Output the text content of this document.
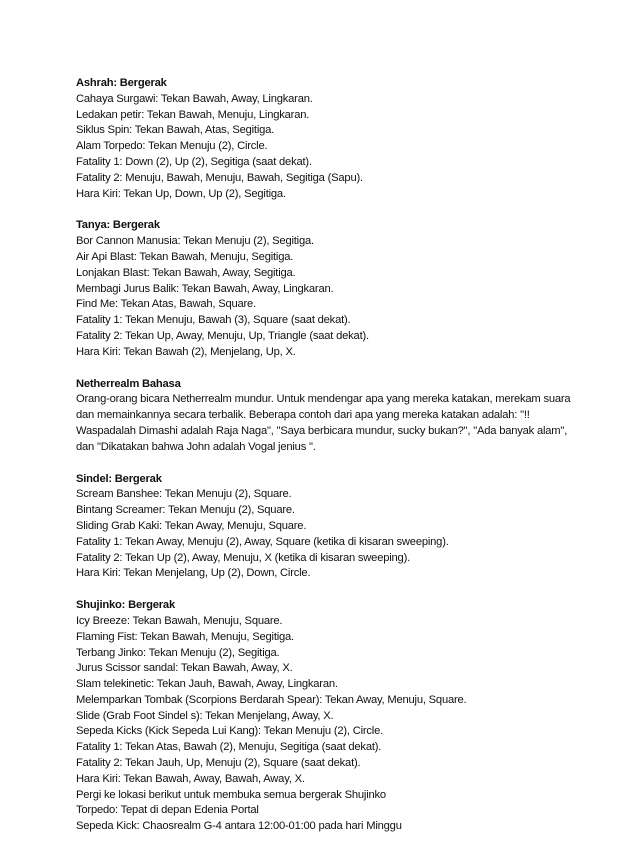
Ashrah: Bergerak

Cahaya Surgawi: Tekan Bawah, Away, Lingkaran.

Ledakan petir: Tekan Bawah, Menuju, Lingkaran.

Siklus Spin: Tekan Bawah, Atas, Segitiga.

Alam Torpedo: Tekan Menuju (2), Circle.

Fatality 1: Down (2), Up (2), Segitiga (saat dekat).

Fatality 2: Menuju, Bawah, Menuju, Bawah, Segitiga (Sapu).

Hara Kiri: Tekan Up, Down, Up (2), Segitiga.

Tanya: Bergerak

Bor Cannon Manusia: Tekan Menuju (2), Segitiga.

Air Api Blast: Tekan Bawah, Menuju, Segitiga.

Lonjakan Blast: Tekan Bawah, Away, Segitiga.

Membagi Jurus Balik: Tekan Bawah, Away, Lingkaran.

Find Me: Tekan Atas, Bawah, Square.

Fatality 1: Tekan Menuju, Bawah (3), Square (saat dekat).

Fatality 2: Tekan Up, Away, Menuju, Up, Triangle (saat dekat).

Hara Kiri: Tekan Bawah (2), Menjelang, Up, X.

Netherrealm Bahasa

Orang-orang bicara Netherrealm mundur. Untuk mendengar apa yang mereka katakan, merekam suara

dan memainkannya secara terbalik. Beberapa contoh dari apa yang mereka katakan adalah: "!!

Waspadalah Dimashi adalah Raja Naga", "Saya berbicara mundur, sucky bukan?", "Ada banyak alam",

dan "Dikatakan bahwa John adalah Vogal jenius ".

Sindel: Bergerak

Scream Banshee: Tekan Menuju (2), Square.

Bintang Screamer: Tekan Menuju (2), Square.

Sliding Grab Kaki: Tekan Away, Menuju, Square.

Fatality 1: Tekan Away, Menuju (2), Away, Square (ketika di kisaran sweeping).

Fatality 2: Tekan Up (2), Away, Menuju, X (ketika di kisaran sweeping).

Hara Kiri: Tekan Menjelang, Up (2), Down, Circle.

Shujinko: Bergerak

Icy Breeze: Tekan Bawah, Menuju, Square.

Flaming Fist: Tekan Bawah, Menuju, Segitiga.

Terbang Jinko: Tekan Menuju (2), Segitiga.

Jurus Scissor sandal: Tekan Bawah, Away, X.

Slam telekinetic: Tekan Jauh, Bawah, Away, Lingkaran.

Melemparkan Tombak (Scorpions Berdarah Spear): Tekan Away, Menuju, Square.

Slide (Grab Foot Sindel s): Tekan Menjelang, Away, X.

Sepeda Kicks (Kick Sepeda Lui Kang): Tekan Menuju (2), Circle.

Fatality 1: Tekan Atas, Bawah (2), Menuju, Segitiga (saat dekat).

Fatality 2: Tekan Jauh, Up, Menuju (2), Square (saat dekat).

Hara Kiri: Tekan Bawah, Away, Bawah, Away, X.

Pergi ke lokasi berikut untuk membuka semua bergerak Shujinko

Torpedo: Tepat di depan Edenia Portal

Sepeda Kick: Chaosrealm G-4 antara 12:00-01:00 pada hari Minggu
